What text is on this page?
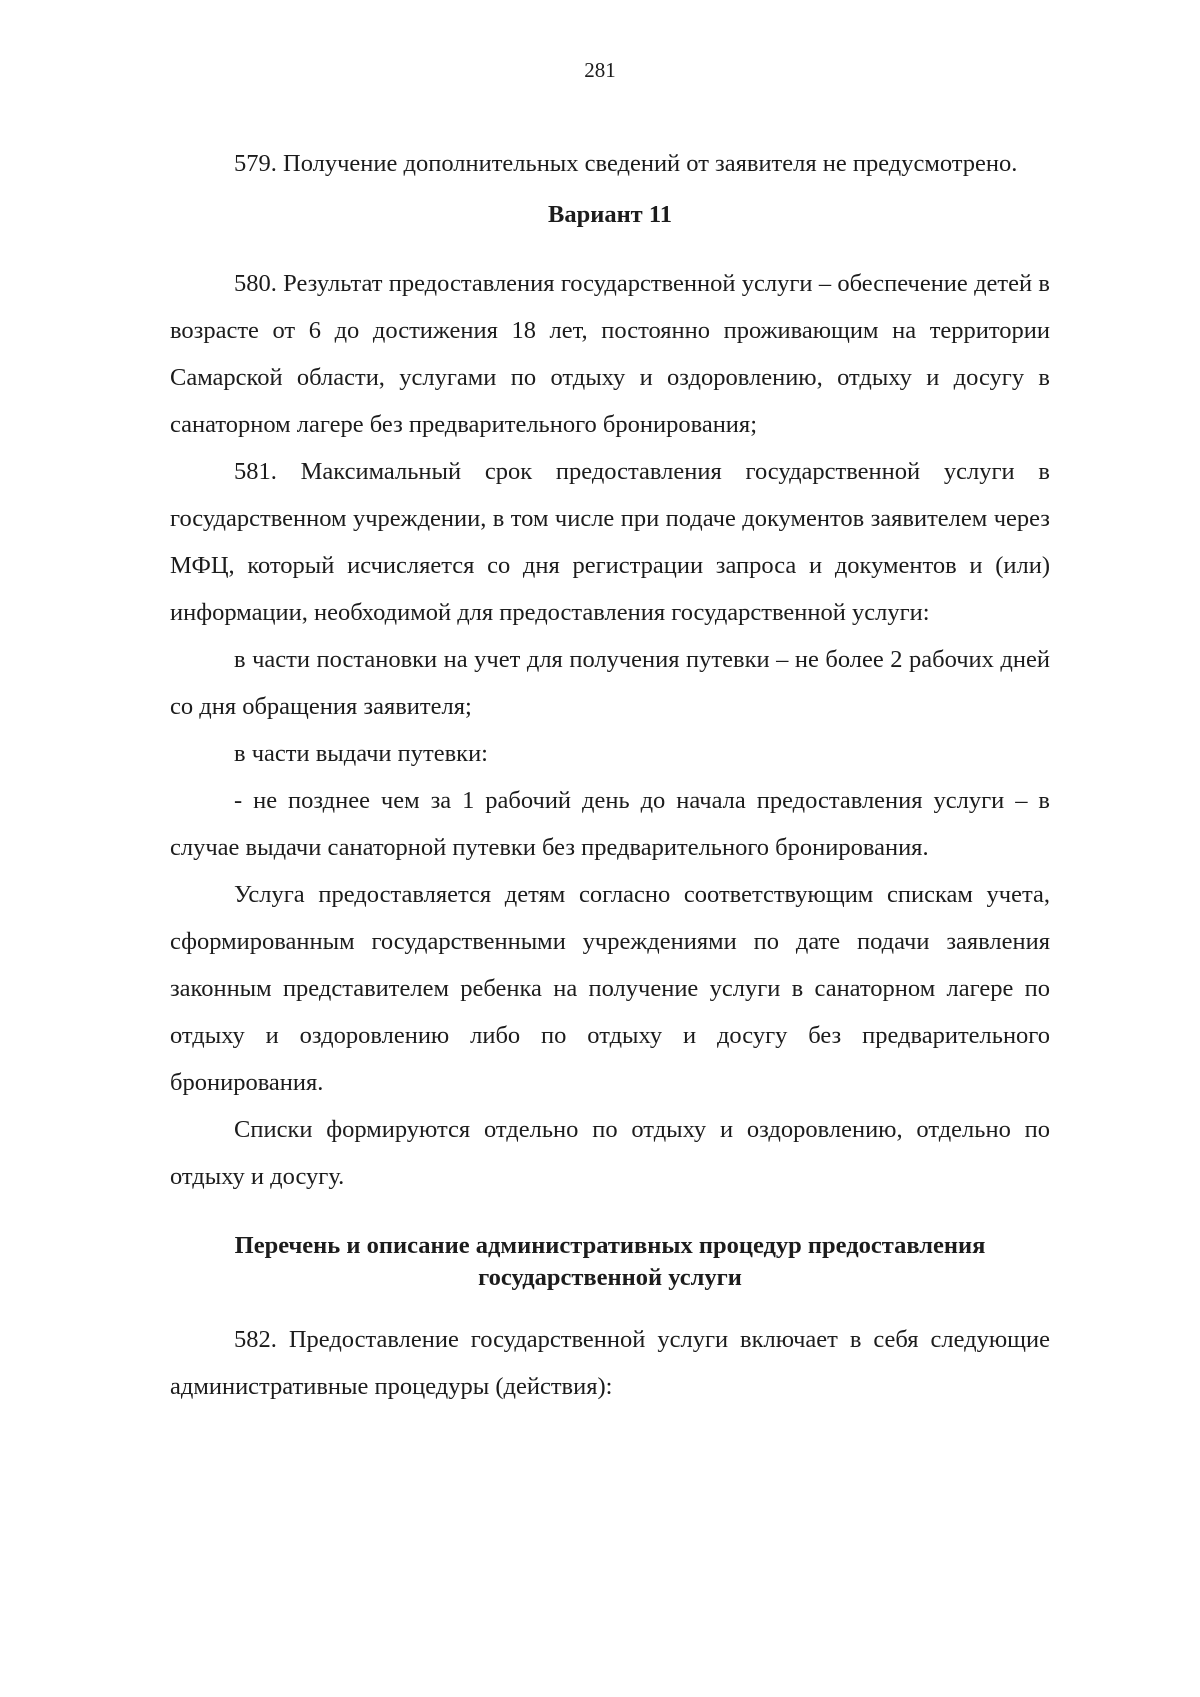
281

579. Получение дополнительных сведений от заявителя не предусмотрено.

Вариант 11

580. Результат предоставления государственной услуги – обеспечение детей в возрасте от 6 до достижения 18 лет, постоянно проживающим на территории Самарской области, услугами по отдыху и оздоровлению, отдыху и досугу в санаторном лагере без предварительного бронирования;

581. Максимальный срок предоставления государственной услуги в государственном учреждении, в том числе при подаче документов заявителем через МФЦ, который исчисляется со дня регистрации запроса и документов и (или) информации, необходимой для предоставления государственной услуги:

в части постановки на учет для получения путевки – не более 2 рабочих дней со дня обращения заявителя;

в части выдачи путевки:

- не позднее чем за 1 рабочий день до начала предоставления услуги – в случае выдачи санаторной путевки без предварительного бронирования.

Услуга предоставляется детям согласно соответствующим спискам учета, сформированным государственными учреждениями по дате подачи заявления законным представителем ребенка на получение услуги в санаторном лагере по отдыху и оздоровлению либо по отдыху и досугу без предварительного бронирования.

Списки формируются отдельно по отдыху и оздоровлению, отдельно по отдыху и досугу.

Перечень и описание административных процедур предоставления государственной услуги

582. Предоставление государственной услуги включает в себя следующие административные процедуры (действия):
